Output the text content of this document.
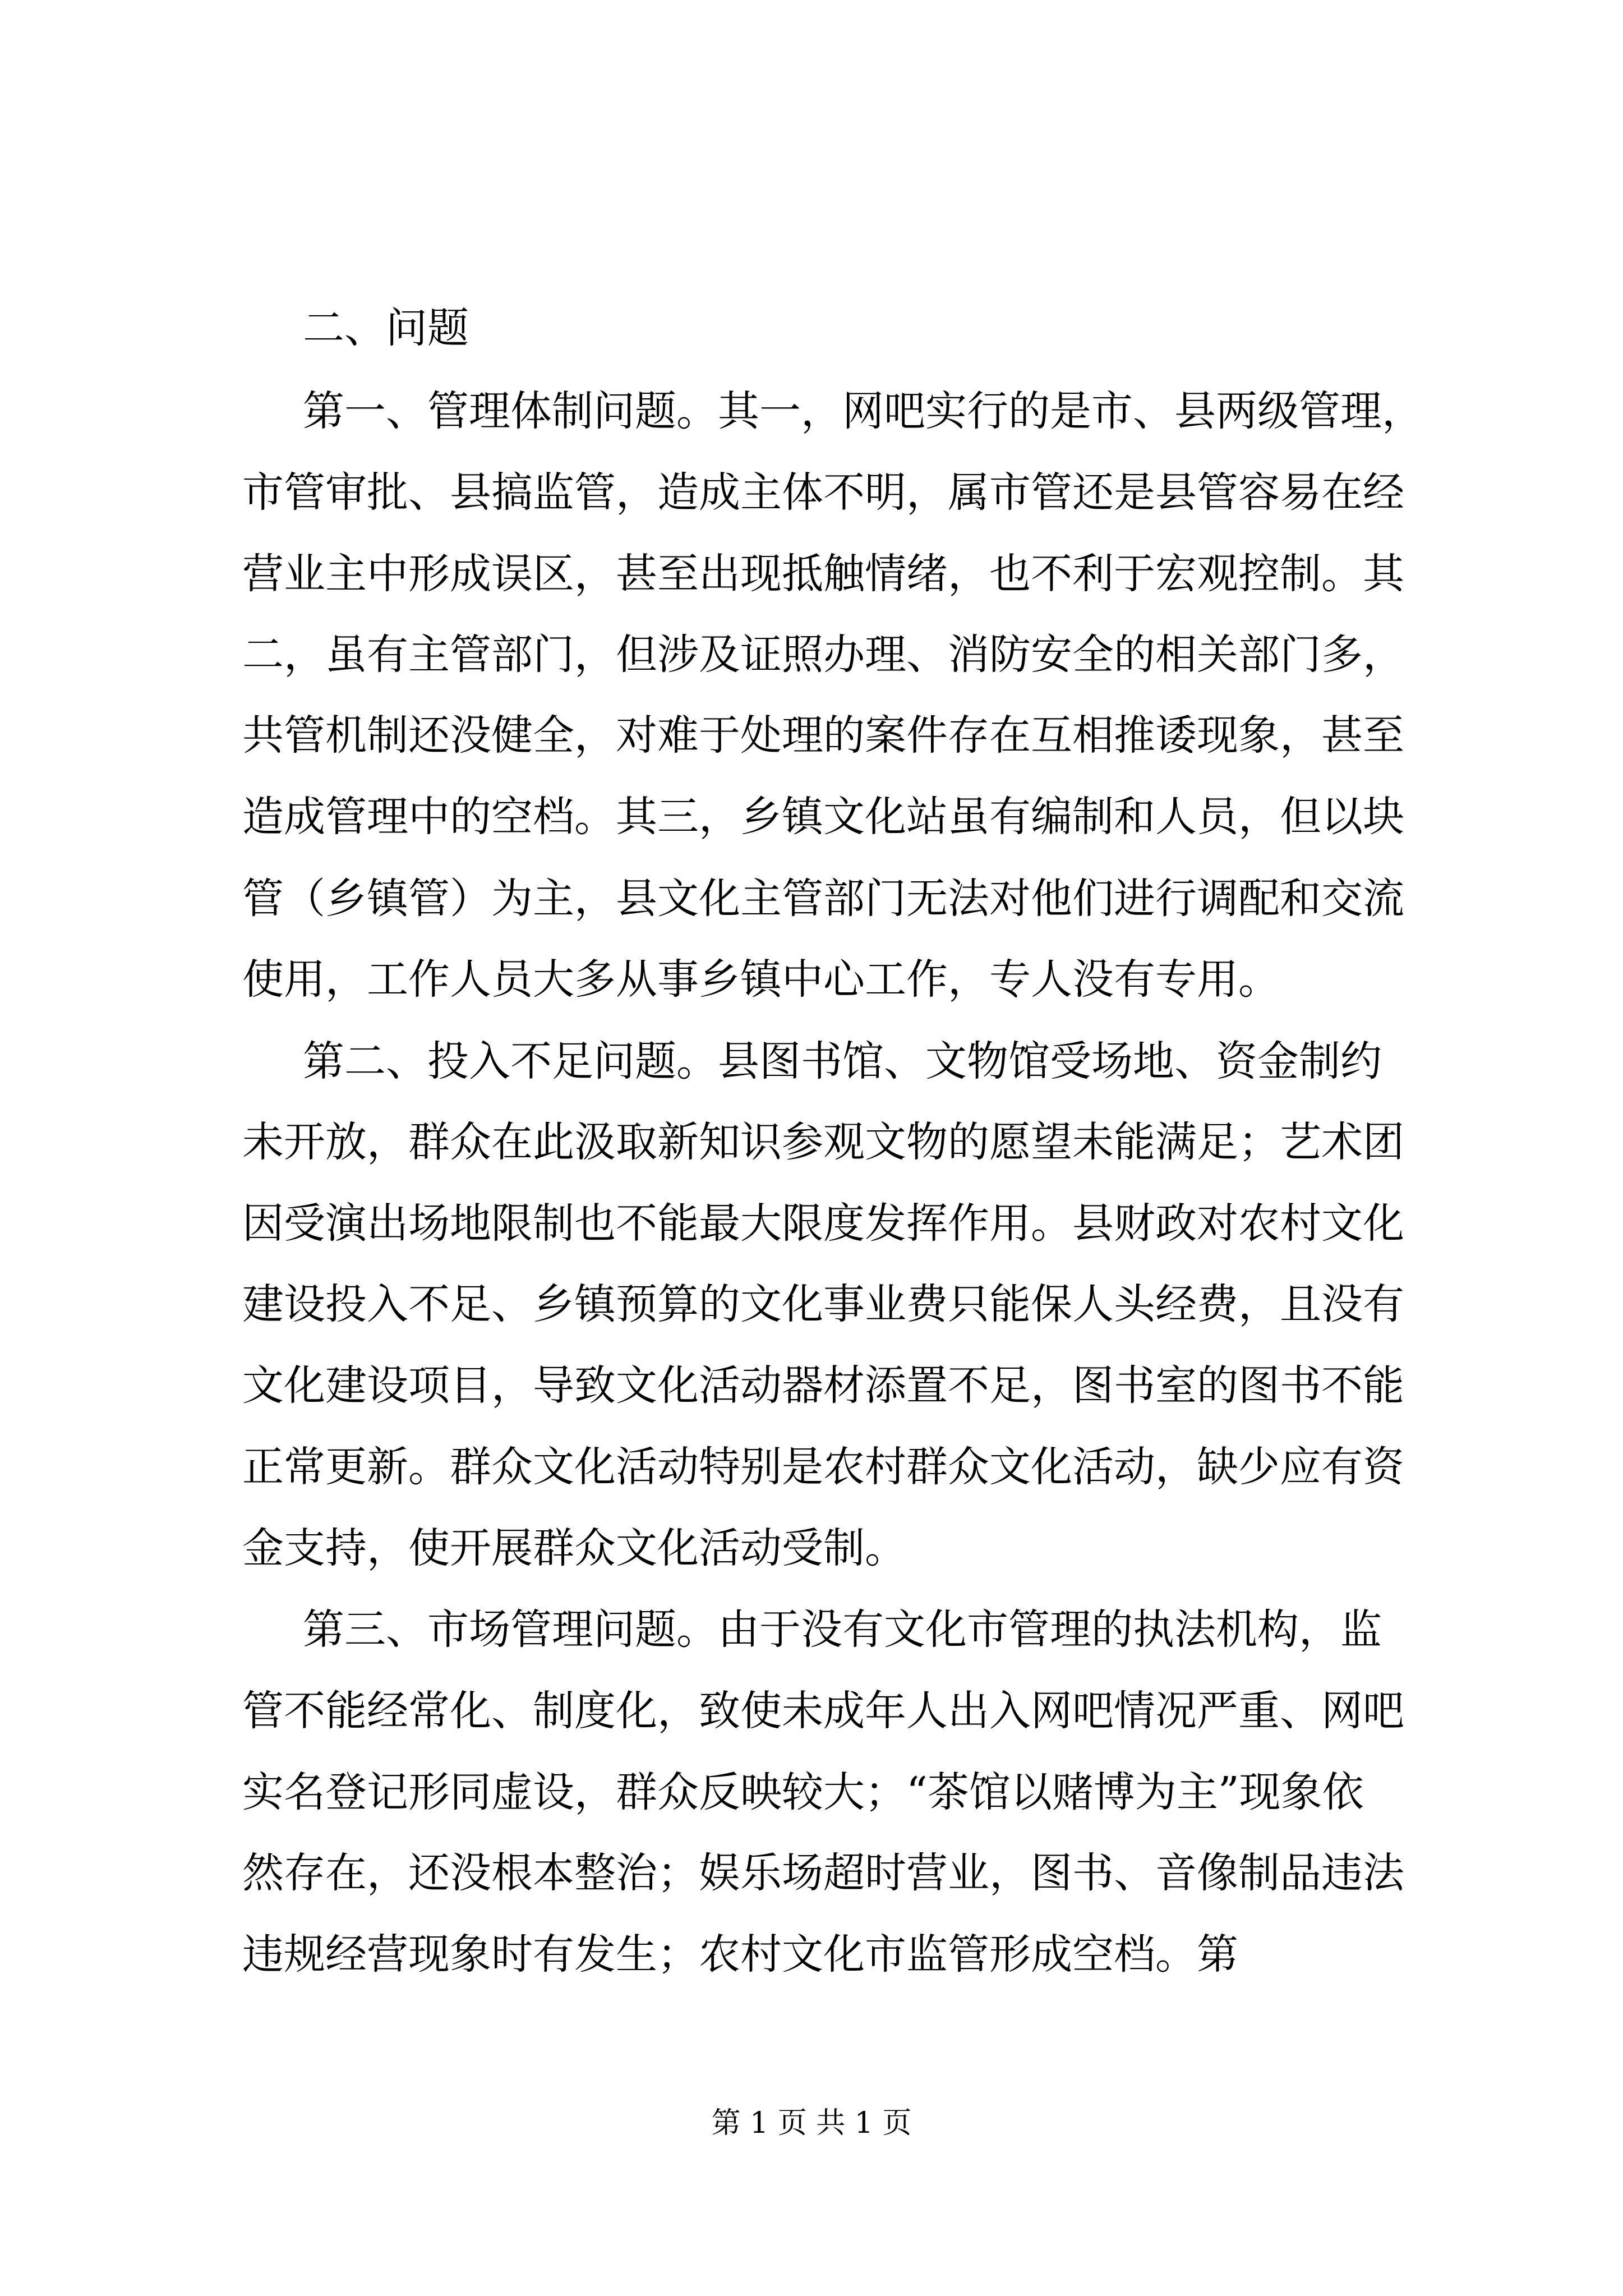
二、问题
第一、管理体制问题。其一，网吧实行的是市、县两级管理，
市管审批、县搞监管，造成主体不明，属市管还是县管容易在经
营业主中形成误区，甚至出现抵触情绪，也不利于宏观控制。其
二，虽有主管部门，但涉及证照办理、消防安全的相关部门多，
共管机制还没健全，对难于处理的案件存在互相推诿现象，甚至
造成管理中的空档。其三，乡镇文化站虽有编制和人员，但以块
管（乡镇管）为主，县文化主管部门无法对他们进行调配和交流
使用，工作人员大多从事乡镇中心工作，专人没有专用。
第二、投入不足问题。县图书馆、文物馆受场地、资金制约
未开放，群众在此汲取新知识参观文物的愿望未能满足；艺术团
因受演出场地限制也不能最大限度发挥作用。县财政对农村文化
建设投入不足、乡镇预算的文化事业费只能保人头经费，且没有
文化建设项目，导致文化活动器材添置不足，图书室的图书不能
正常更新。群众文化活动特别是农村群众文化活动，缺少应有资
金支持，使开展群众文化活动受制。
第三、市场管理问题。由于没有文化市管理的执法机构，监
管不能经常化、制度化，致使未成年人出入网吧情况严重、网吧
实名登记形同虚设，群众反映较大；“茶馆以赌博为主”现象依
然存在，还没根本整治；娱乐场超时营业，图书、音像制品违法
违规经营现象时有发生；农村文化市监管形成空档。第
第 1 页 共 1 页
